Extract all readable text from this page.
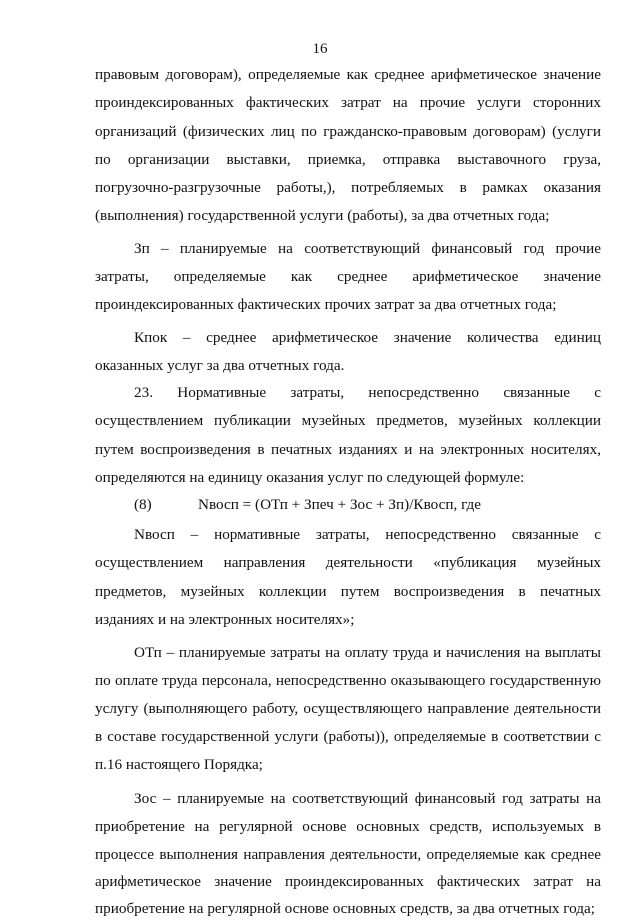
16
правовым договорам), определяемые как среднее арифметическое значение
проиндексированных фактических затрат на прочие услуги сторонних
организаций (физических лиц по гражданско-правовым договорам) (услуги
по организации выставки, приемка, отправка выставочного груза,
погрузочно-разгрузочные работы,), потребляемых в рамках оказания
(выполнения) государственной услуги (работы), за два отчетных года;
Зп – планируемые на соответствующий финансовый год прочие
затраты, определяемые как среднее арифметическое значение
проиндексированных фактических прочих затрат за два отчетных года;
Кпок – среднее арифметическое значение количества единиц
оказанных услуг за два отчетных года.
23. Нормативные затраты, непосредственно связанные с
осуществлением публикации музейных предметов, музейных коллекции
путем воспроизведения в печатных изданиях и на электронных носителях,
определяются на единицу оказания услуг по следующей формуле:
(8)	Nвосп = (ОТп + Зпеч + Зос + Зп)/Квосп, где
Nвосп – нормативные затраты, непосредственно связанные с
осуществлением направления деятельности «публикация музейных
предметов, музейных коллекции путем воспроизведения в печатных
изданиях и на электронных носителях»;
ОТп – планируемые затраты на оплату труда и начисления на выплаты
по оплате труда персонала, непосредственно оказывающего государственную
услугу (выполняющего работу, осуществляющего направление деятельности
в составе государственной услуги (работы)), определяемые в соответствии с
п.16 настоящего Порядка;
Зос – планируемые на соответствующий финансовый год затраты на
приобретение на регулярной основе основных средств, используемых в
процессе выполнения направления деятельности, определяемые как среднее
арифметическое значение проиндексированных фактических затрат на
приобретение на регулярной основе основных средств, за два отчетных года;
